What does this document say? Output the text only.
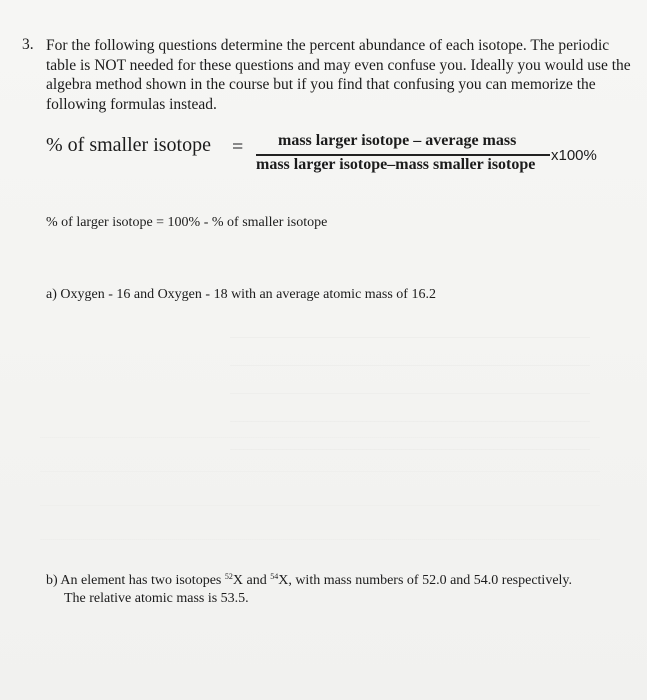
3. For the following questions determine the percent abundance of each isotope. The periodic table is NOT needed for these questions and may even confuse you. Ideally you would use the algebra method shown in the course but if you find that confusing you can memorize the following formulas instead.
% of smaller isotope = mass larger isotope – average mass
mass larger isotope–mass smaller isotope
x100%
% of larger isotope = 100% - % of smaller isotope
a) Oxygen - 16 and Oxygen - 18 with an average atomic mass of 16.2
b) An element has two isotopes $^{52}$X and $^{54}$X, with mass numbers of 52.0 and 54.0 respectively.
The relative atomic mass is 53.5.
